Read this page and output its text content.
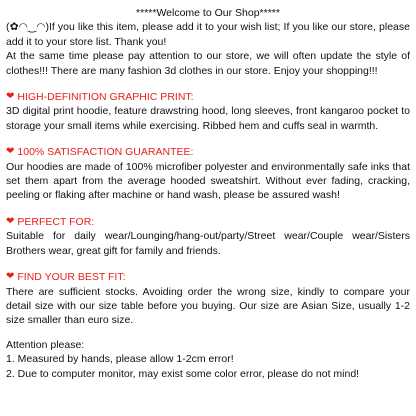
*****Welcome to Our Shop*****

(✿◠‿◠)If you like this item, please add it to your wish list; If you like our store, please add it to your store list. Thank you!

At the same time please pay attention to our store, we will often update the style of clothes!!! There are many fashion 3d clothes in our store. Enjoy your shopping!!!

❤ HIGH-DEFINITION GRAPHIC PRINT:

3D digital print hoodie, feature drawstring hood, long sleeves, front kangaroo pocket to storage your small items while exercising. Ribbed hem and cuffs seal in warmth.

❤ 100% SATISFACTION GUARANTEE:

Our hoodies are made of 100% microfiber polyester and environmentally safe inks that set them apart from the average hooded sweatshirt. Without ever fading, cracking, peeling or flaking after machine or hand wash, please be assured wash!

❤ PERFECT FOR:

Suitable for daily wear/Lounging/hang-out/party/Street wear/Couple wear/Sisters Brothers wear, great gift for family and friends.

❤ FIND YOUR BEST FIT:

There are sufficient stocks. Avoiding order the wrong size, kindly to compare your detail size with our size table before you buying. Our size are Asian Size, usually 1-2 size smaller than euro size.

Attention please:

1. Measured by hands, please allow 1-2cm error!

2. Due to computer monitor, may exist some color error, please do not mind!
